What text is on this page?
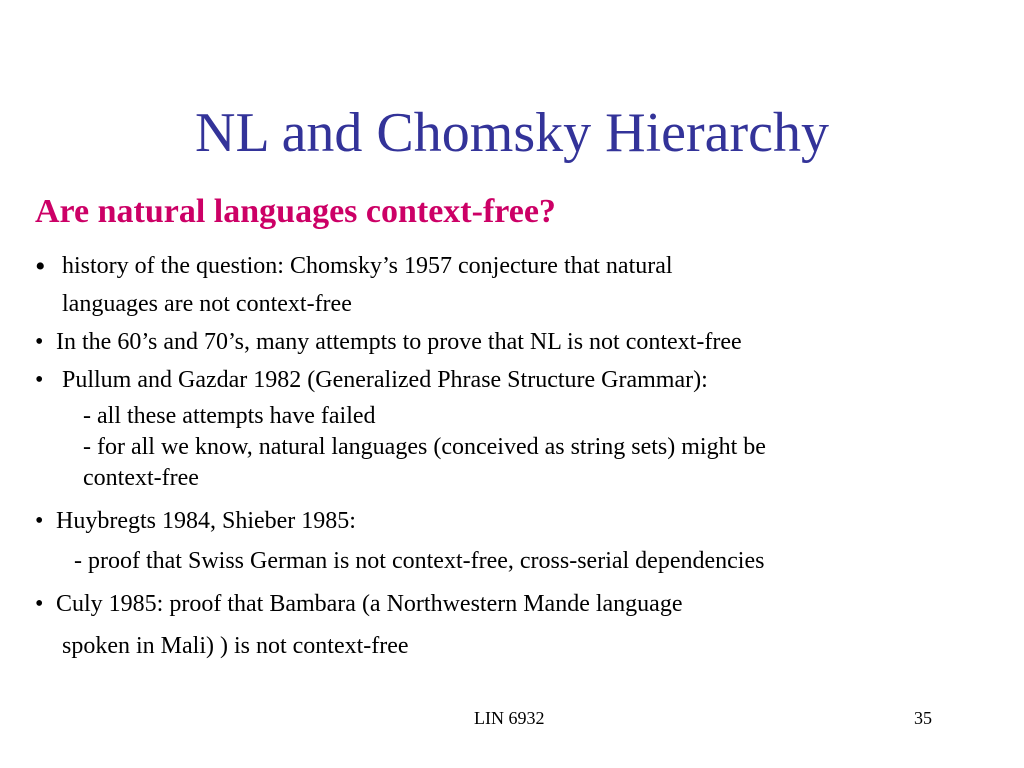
NL and Chomsky Hierarchy
Are natural languages context-free?
• history of the question: Chomsky’s 1957 conjecture that natural
languages are not context-free
• In the 60’s and 70’s, many attempts to prove that NL is not context-free
• Pullum and Gazdar 1982 (Generalized Phrase Structure Grammar):
- all these attempts have failed
- for all we know, natural languages (conceived as string sets) might be
context-free
• Huybregts 1984, Shieber 1985:
- proof that Swiss German is not context-free, cross-serial dependencies
• Culy 1985: proof that Bambara (a Northwestern Mande language
spoken in Mali) ) is not context-free
LIN 6932	35
